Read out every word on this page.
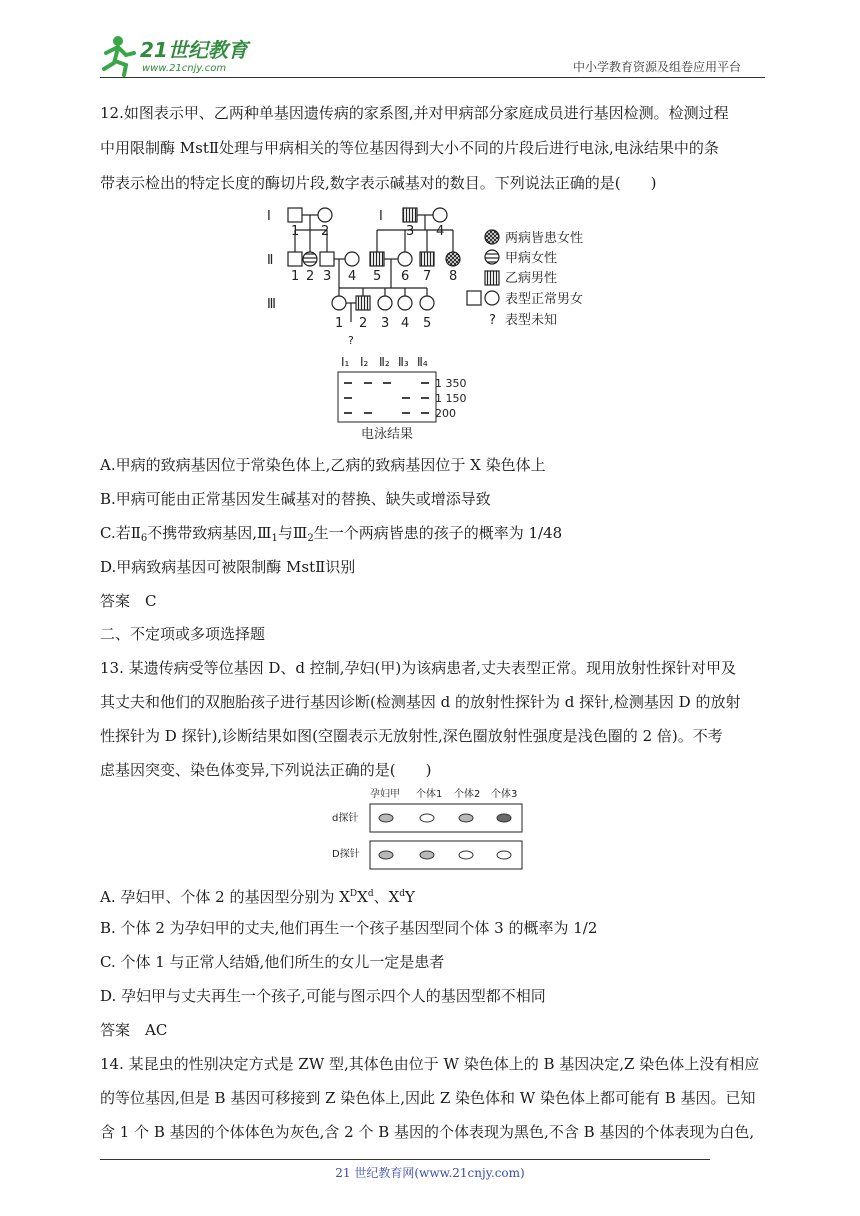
21世纪教育
www.21cnjy.com	中小学教育资源及组卷应用平台
12.如图表示甲、乙两种单基因遗传病的家系图,并对甲病部分家庭成员进行基因检测。检测过程
中用限制酶 MstⅡ处理与甲病相关的等位基因得到大小不同的片段后进行电泳,电泳结果中的条
带表示检出的特定长度的酶切片段,数字表示碱基对的数目。下列说法正确的是(　　)
Ⅰ	Ⅰ
Ⅱ
Ⅲ
1 2	3 4
1 2 3 4 5 6 7 8
1 2 3 4 5
?
两病皆患女性
甲病女性
乙病男性
表型正常男女
? 表型未知
Ⅰ₁ Ⅰ₂ Ⅱ₂ Ⅱ₃ Ⅱ₄
1 350
1 150
200
电泳结果
A.甲病的致病基因位于常染色体上,乙病的致病基因位于 X 染色体上
B.甲病可能由正常基因发生碱基对的替换、缺失或增添导致
C.若$Ⅱ_6$不携带致病基因$,Ⅲ_1$与$Ⅲ_2$生一个两病皆患的孩子的概率为 1/48
D.甲病致病基因可被限制酶 MstⅡ识别
答案　C
二、不定项或多项选择题
13. 某遗传病受等位基因 D、d 控制,孕妇(甲)为该病患者,丈夫表型正常。现用放射性探针对甲及
其丈夫和他们的双胞胎孩子进行基因诊断(检测基因 d 的放射性探针为 d 探针,检测基因 D 的放射
性探针为 D 探针),诊断结果如图(空圈表示无放射性,深色圈放射性强度是浅色圈的 2 倍)。不考
虑基因突变、染色体变异,下列说法正确的是(　　)
孕妇甲 个体1 个体2 个体3
d探针
D探针
A. 孕妇甲、个体 2 的基因型分别为 $X^DX^d$、$X^dY$
B. 个体 2 为孕妇甲的丈夫,他们再生一个孩子基因型同个体 3 的概率为 1/2
C. 个体 1 与正常人结婚,他们所生的女儿一定是患者
D. 孕妇甲与丈夫再生一个孩子,可能与图示四个人的基因型都不相同
答案　AC
14. 某昆虫的性别决定方式是 ZW 型,其体色由位于 W 染色体上的 B 基因决定,Z 染色体上没有相应
的等位基因,但是 B 基因可移接到 Z 染色体上,因此 Z 染色体和 W 染色体上都可能有 B 基因。已知
含 1 个 B 基因的个体体色为灰色,含 2 个 B 基因的个体表现为黑色,不含 B 基因的个体表现为白色,
21 世纪教育网(www.21cnjy.com)
